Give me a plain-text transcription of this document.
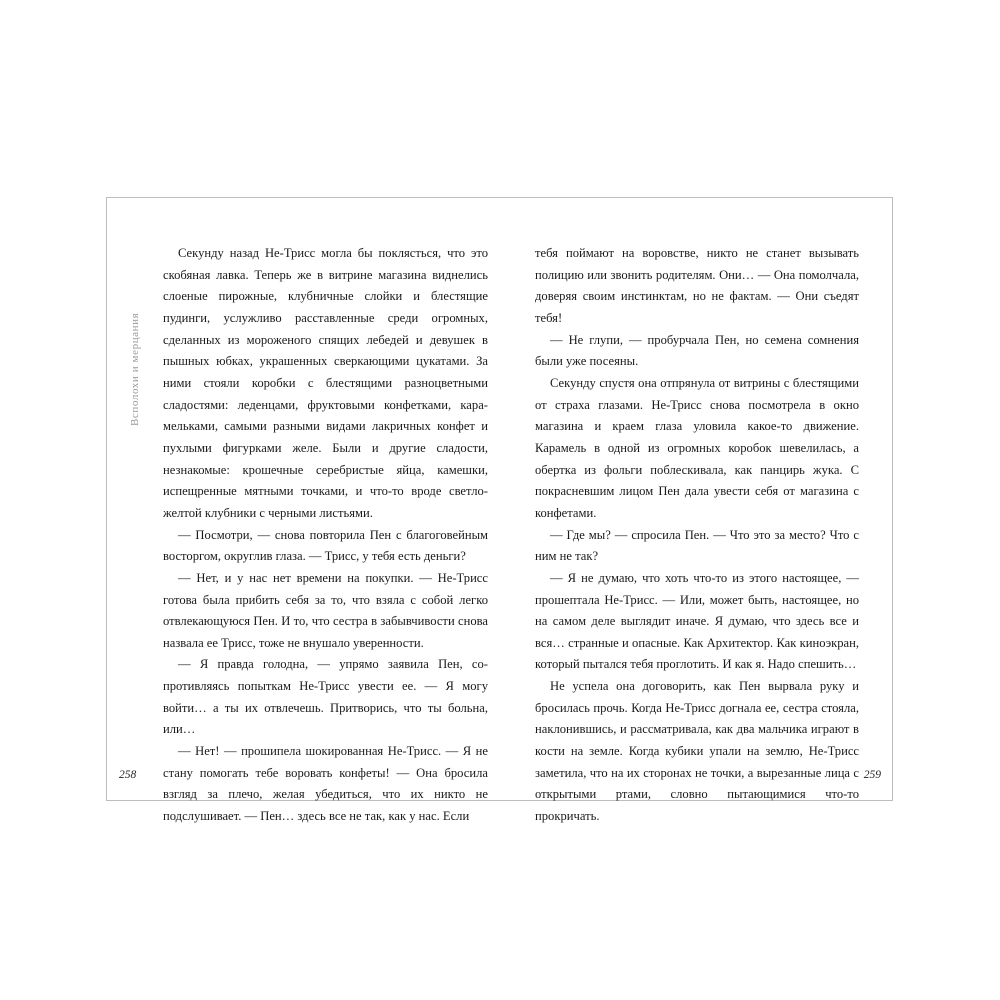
Всполохи и мерцания

Секунду назад Не-Трисс могла бы поклясться, что это скобяная лавка. Теперь же в витрине магазина виднелись слоеные пирожные, клубничные слойки и блестящие пудинги, услужливо расставленные среди огромных, сделанных из мороженого спящих лебедей и девушек в пышных юбках, украшенных сверкающими цукатами. За ними стояли коробки с блестящими разноцветными сладостями: леденцами, фруктовыми конфетками, карамельками, самыми разными видами лакричных конфет и пухлыми фигурками желе. Были и другие сладости, незнакомые: крошечные серебристые яйца, камешки, испещренные мятными точками, и что-то вроде светложелтой клубники с черными листьями.

— Посмотри, — снова повторила Пен с благоговейным восторгом, округлив глаза. — Трисс, у тебя есть деньги?

— Нет, и у нас нет времени на покупки. — Не-Трисс готова была прибить себя за то, что взяла с собой легко отвлекающуюся Пен. И то, что сестра в забывчивости снова назвала ее Трисс, тоже не внушало уверенности.

— Я правда голодна, — упрямо заявила Пен, сопротивляясь попыткам Не-Трисс увести ее. — Я могу войти… а ты их отвлечешь. Притворись, что ты больна, или…

— Нет! — прошипела шокированная Не-Трисс. — Я не стану помогать тебе воровать конфеты! — Она бросила взгляд за плечо, желая убедиться, что их никто не подслушивает. — Пен… здесь все не так, как у нас. Если

258

тебя поймают на воровстве, никто не станет вызывать полицию или звонить родителям. Они… — Она помолчала, доверяя своим инстинктам, но не фактам. — Они съедят тебя!

— Не глупи, — пробурчала Пен, но семена сомнения были уже посеяны.

Секунду спустя она отпрянула от витрины с блестящими от страха глазами. Не-Трисс снова посмотрела в окно магазина и краем глаза уловила какое-то движение. Карамель в одной из огромных коробок шевелилась, а обертка из фольги поблескивала, как панцирь жука. С покрасневшим лицом Пен дала увести себя от магазина с конфетами.

— Где мы? — спросила Пен. — Что это за место? Что с ним не так?

— Я не думаю, что хоть что-то из этого настоящее, — прошептала Не-Трисс. — Или, может быть, настоящее, но на самом деле выглядит иначе. Я думаю, что здесь все и вся… странные и опасные. Как Архитектор. Как киноэкран, который пытался тебя проглотить. И как я. Надо спешить…

Не успела она договорить, как Пен вырвала руку и бросилась прочь. Когда Не-Трисс догнала ее, сестра стояла, наклонившись, и рассматривала, как два мальчика играют в кости на земле. Когда кубики упали на землю, Не-Трисс заметила, что на их сторонах не точки, а вырезанные лица с открытыми ртами, словно пытающимися что-то прокричать.

259
